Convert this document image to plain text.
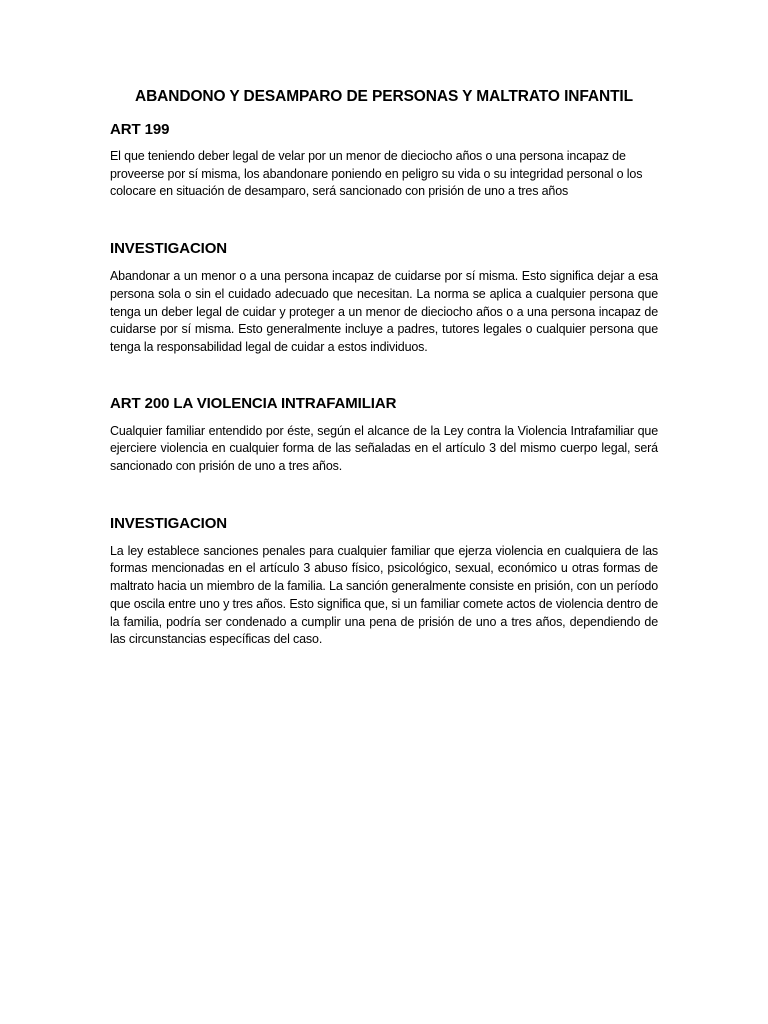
ABANDONO Y DESAMPARO DE PERSONAS Y MALTRATO INFANTIL
ART 199

El que teniendo deber legal de velar por un menor de dieciocho años o una persona incapaz de proveerse por sí misma, los abandonare poniendo en peligro su vida o su integridad personal o los colocare en situación de desamparo, será sancionado con prisión de uno a tres años

INVESTIGACION

Abandonar a un menor o a una persona incapaz de cuidarse por sí misma. Esto significa dejar a esa persona sola o sin el cuidado adecuado que necesitan. La norma se aplica a cualquier persona que tenga un deber legal de cuidar y proteger a un menor de dieciocho años o a una persona incapaz de cuidarse por sí misma. Esto generalmente incluye a padres, tutores legales o cualquier persona que tenga la responsabilidad legal de cuidar a estos individuos.

ART 200 LA VIOLENCIA INTRAFAMILIAR

Cualquier familiar entendido por éste, según el alcance de la Ley contra la Violencia Intrafamiliar que ejerciere violencia en cualquier forma de las señaladas en el artículo 3 del mismo cuerpo legal, será sancionado con prisión de uno a tres años.

INVESTIGACION

La ley establece sanciones penales para cualquier familiar que ejerza violencia en cualquiera de las formas mencionadas en el artículo 3 abuso físico, psicológico, sexual, económico u otras formas de maltrato hacia un miembro de la familia. La sanción generalmente consiste en prisión, con un período que oscila entre uno y tres años. Esto significa que, si un familiar comete actos de violencia dentro de la familia, podría ser condenado a cumplir una pena de prisión de uno a tres años, dependiendo de las circunstancias específicas del caso.
